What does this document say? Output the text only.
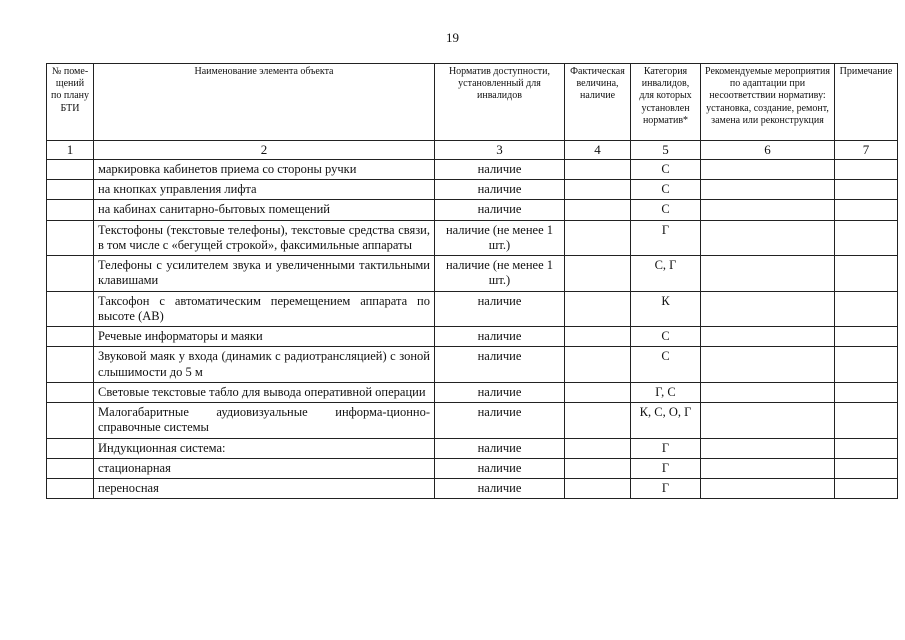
19
№ поме-щений по плану БТИ	Наименование элемента объекта	Норматив доступности, установленный для инвалидов	Фактическая величина, наличие	Категория инвалидов, для которых установлен норматив*	Рекомендуемые мероприятия по адаптации при несоответствии нормативу: установка, создание, ремонт, замена или реконструкция	Примечание
1	2	3	4	5	6	7
	маркировка кабинетов приема со стороны ручки	наличие		С		
	на кнопках управления лифта	наличие		С		
	на кабинах санитарно-бытовых помещений	наличие		С		
	Текстофоны (текстовые телефоны), текстовые средства связи, в том числе с «бегущей строкой», факсимильные аппараты	наличие (не менее 1 шт.)		Г		
	Телефоны с усилителем звука и увеличенными тактильными клавишами	наличие (не менее 1 шт.)		С, Г		
	Таксофон с автоматическим перемещением аппарата по высоте (АВ)	наличие		К		
	Речевые информаторы и маяки	наличие		С		
	Звуковой маяк у входа (динамик с радиотрансляцией) с зоной слышимости до 5 м	наличие		С		
	Световые текстовые табло для вывода оперативной операции	наличие		Г, С		
	Малогабаритные аудиовизуальные информа-ционно-справочные системы	наличие		К, С, О, Г		
	Индукционная система:	наличие		Г		
	стационарная	наличие		Г		
	переносная	наличие		Г		
